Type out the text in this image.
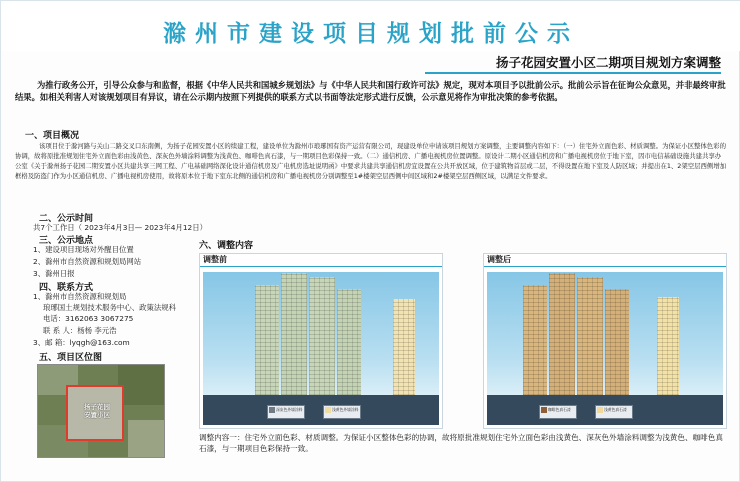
滁州市建设项目规划批前公示
扬子花园安置小区二期项目规划方案调整
为推行政务公开，引导公众参与和监督，根据《中华人民共和国城乡规划法》与《中华人民共和国行政许可法》规定，现对本项目予以批前公示。批前公示旨在征询公众意见，并非最终审批结果。如相关利害人对该规划项目有异议，请在公示期内按照下列提供的联系方式以书面等法定形式进行反馈，公示意见将作为审批决策的参考依据。
一、项目概况
该项目位于滁河路与关山二路交叉口东南侧，为扬子花园安置小区的续建工程，建设单位为滁州市琅琊国有资产运营有限公司，现建设单位申请该项目规划方案调整，主要调整内容如下：（一）住宅外立面色彩、材质调整。为保证小区整体色彩的协调，故将原批准规划住宅外立面色彩由浅黄色、深灰色外墙涂料调整为浅黄色、咖啡色真石漆，与一期项目色彩保持一致。（二）通信机房、广播电视机房位置调整。原设计二期小区通信机房和广播电视机房位于地下室，因市电信基础设施共建共享办公室《关于滁州扬子花园二期安置小区共建共享三网工程、广电基础网络深化设计通信机房及广电机房选址说明函》中要求共建共享通信机房宜设置在公共开放区域，位于建筑物首层或二层，不得设置在地下室及人防区域；并提出在1、2架空层西侧增加框格及防盗门作为小区通信机房、广播电视机房使用，故将原本位于地下室东北侧的通信机房和广播电视机房分别调整至1#楼架空层西侧中间区域和2#楼架空层西侧区域，以满足文件要求。
二、公示时间
共7个工作日（ 2023年4月3日— 2023年4月12日）
三、公示地点
1、建设项目现场对外醒目位置
2、滁州市自然资源和规划局网站
3、滁州日报
四、联系方式
1、滁州市自然资源和规划局
琅琊国土规划技术服务中心、政策法规科
电话：3162063 3067275
联 系 人：杨杨 李元浩
3、邮 箱：lyqgh@163.com
五、项目区位图
扬子花园
安置小区
六、调整内容
调整前
深灰色外墙涂料	浅黄色外墙涂料
调整后
咖啡色真石漆	浅黄色真石漆
调整内容一：住宅外立面色彩、材质调整。为保证小区整体色彩的协调，故将原批准规划住宅外立面色彩由浅黄色、深灰色外墙涂料调整为浅黄色、咖啡色真石漆，与一期项目色彩保持一致。
